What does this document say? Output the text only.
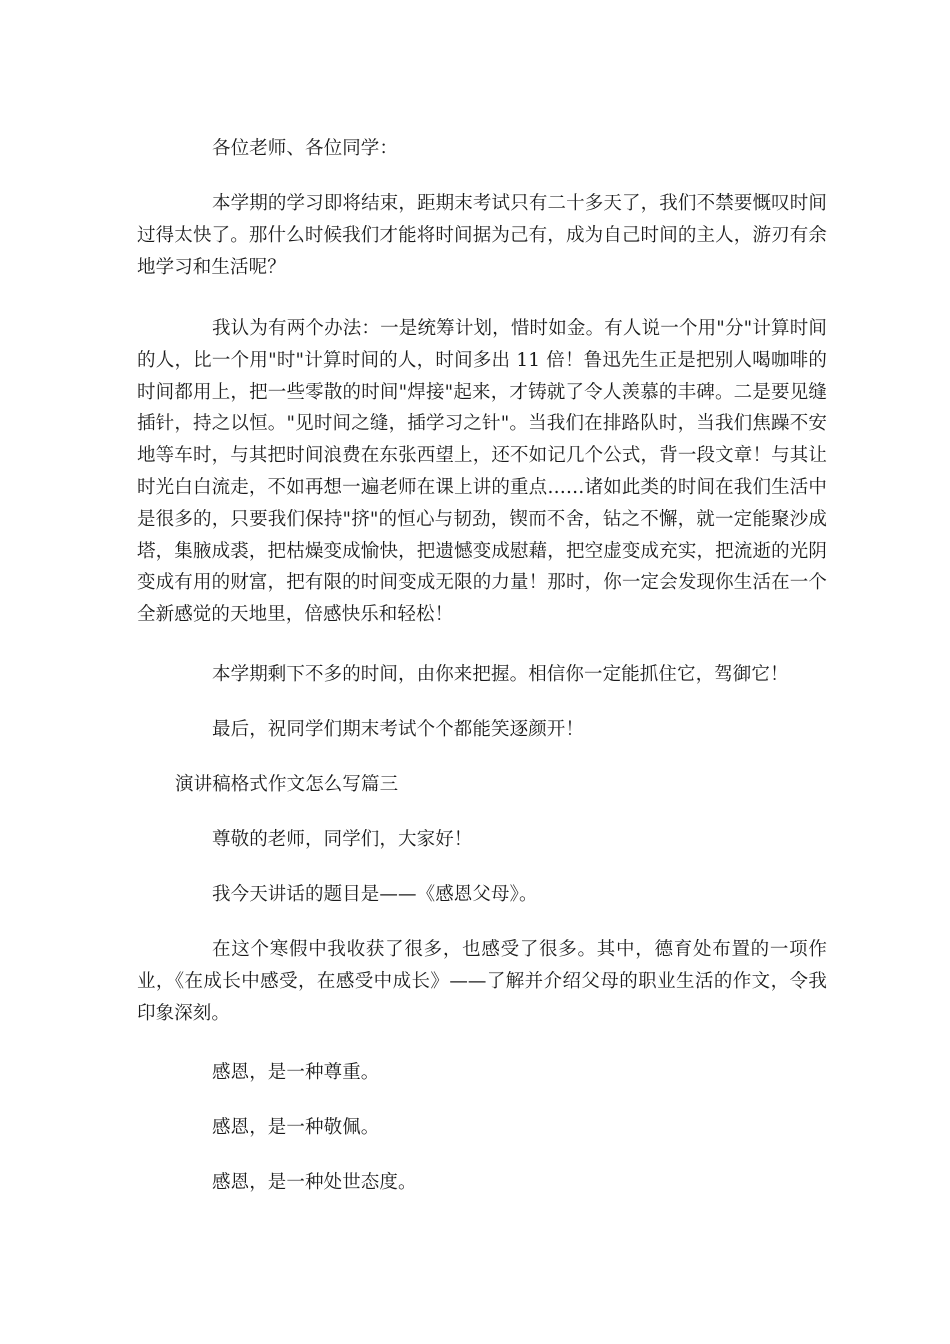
各位老师、各位同学：

本学期的学习即将结束，距期末考试只有二十多天了，我们不禁要慨叹时间过得太快了。那什么时候我们才能将时间据为己有，成为自己时间的主人，游刃有余地学习和生活呢？

我认为有两个办法：一是统筹计划，惜时如金。有人说一个用"分"计算时间的人，比一个用"时"计算时间的人，时间多出 11 倍！鲁迅先生正是把别人喝咖啡的时间都用上，把一些零散的时间"焊接"起来，才铸就了令人羡慕的丰碑。二是要见缝插针，持之以恒。"见时间之缝，插学习之针"。当我们在排路队时，当我们焦躁不安地等车时，与其把时间浪费在东张西望上，还不如记几个公式，背一段文章！与其让时光白白流走，不如再想一遍老师在课上讲的重点……诸如此类的时间在我们生活中是很多的，只要我们保持"挤"的恒心与韧劲，锲而不舍，钻之不懈，就一定能聚沙成塔，集腋成裘，把枯燥变成愉快，把遗憾变成慰藉，把空虚变成充实，把流逝的光阴变成有用的财富，把有限的时间变成无限的力量！那时，你一定会发现你生活在一个全新感觉的天地里，倍感快乐和轻松！

本学期剩下不多的时间，由你来把握。相信你一定能抓住它，驾御它！

最后，祝同学们期末考试个个都能笑逐颜开！

演讲稿格式作文怎么写篇三

尊敬的老师，同学们，大家好！

我今天讲话的题目是——《感恩父母》。

在这个寒假中我收获了很多，也感受了很多。其中，德育处布置的一项作业，《在成长中感受，在感受中成长》——了解并介绍父母的职业生活的作文，令我印象深刻。

感恩，是一种尊重。

感恩，是一种敬佩。

感恩，是一种处世态度。
